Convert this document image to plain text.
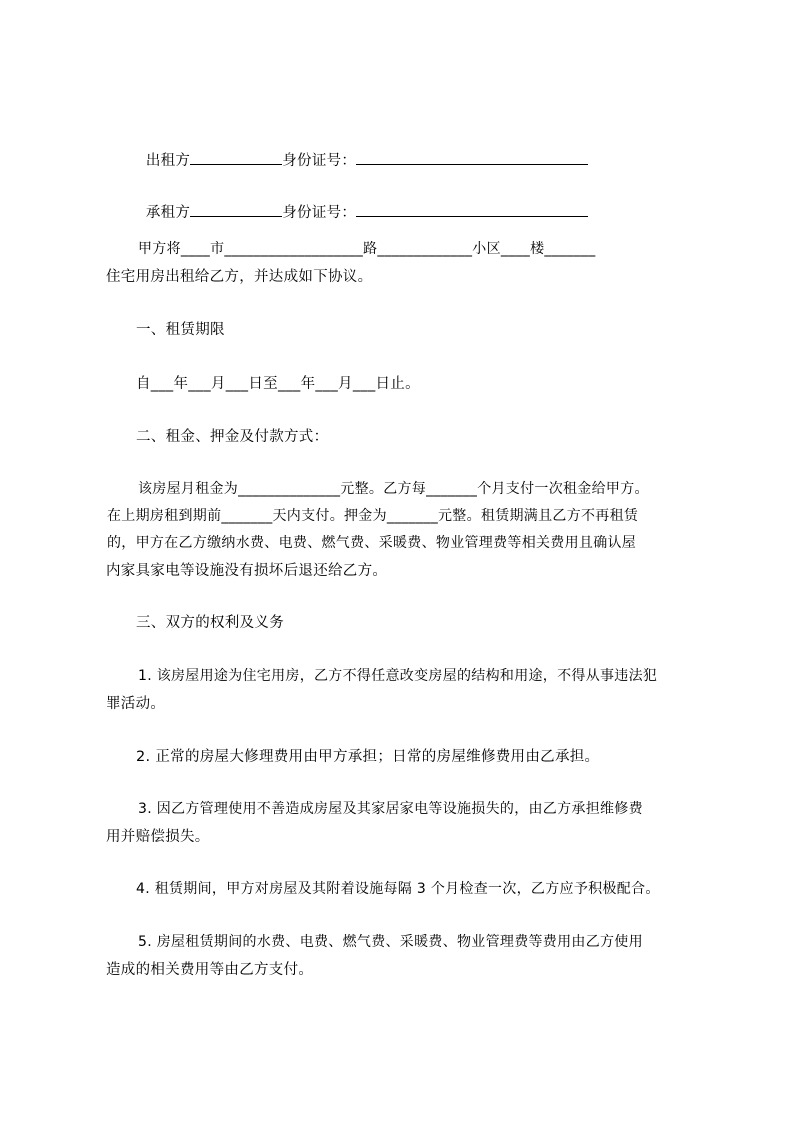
出租方	身份证号：

承租方	身份证号：

甲方将____市___________________路_____________小区____楼_______
住宅用房出租给乙方，并达成如下协议。
一、租赁期限
自___年___月___日至___年___月___日止。
二、租金、押金及付款方式：
该房屋月租金为______________元整。乙方每_______个月支付一次租金给甲方。
在上期房租到期前_______天内支付。押金为_______元整。租赁期满且乙方不再租赁
的，甲方在乙方缴纳水费、电费、燃气费、采暖费、物业管理费等相关费用且确认屋
内家具家电等设施没有损坏后退还给乙方。
三、双方的权利及义务
1. 该房屋用途为住宅用房，乙方不得任意改变房屋的结构和用途，不得从事违法犯
罪活动。
2. 正常的房屋大修理费用由甲方承担；日常的房屋维修费用由乙承担。
3. 因乙方管理使用不善造成房屋及其家居家电等设施损失的，由乙方承担维修费
用并赔偿损失。
4. 租赁期间，甲方对房屋及其附着设施每隔 3 个月检查一次，乙方应予积极配合。
5. 房屋租赁期间的水费、电费、燃气费、采暖费、物业管理费等费用由乙方使用
造成的相关费用等由乙方支付。
